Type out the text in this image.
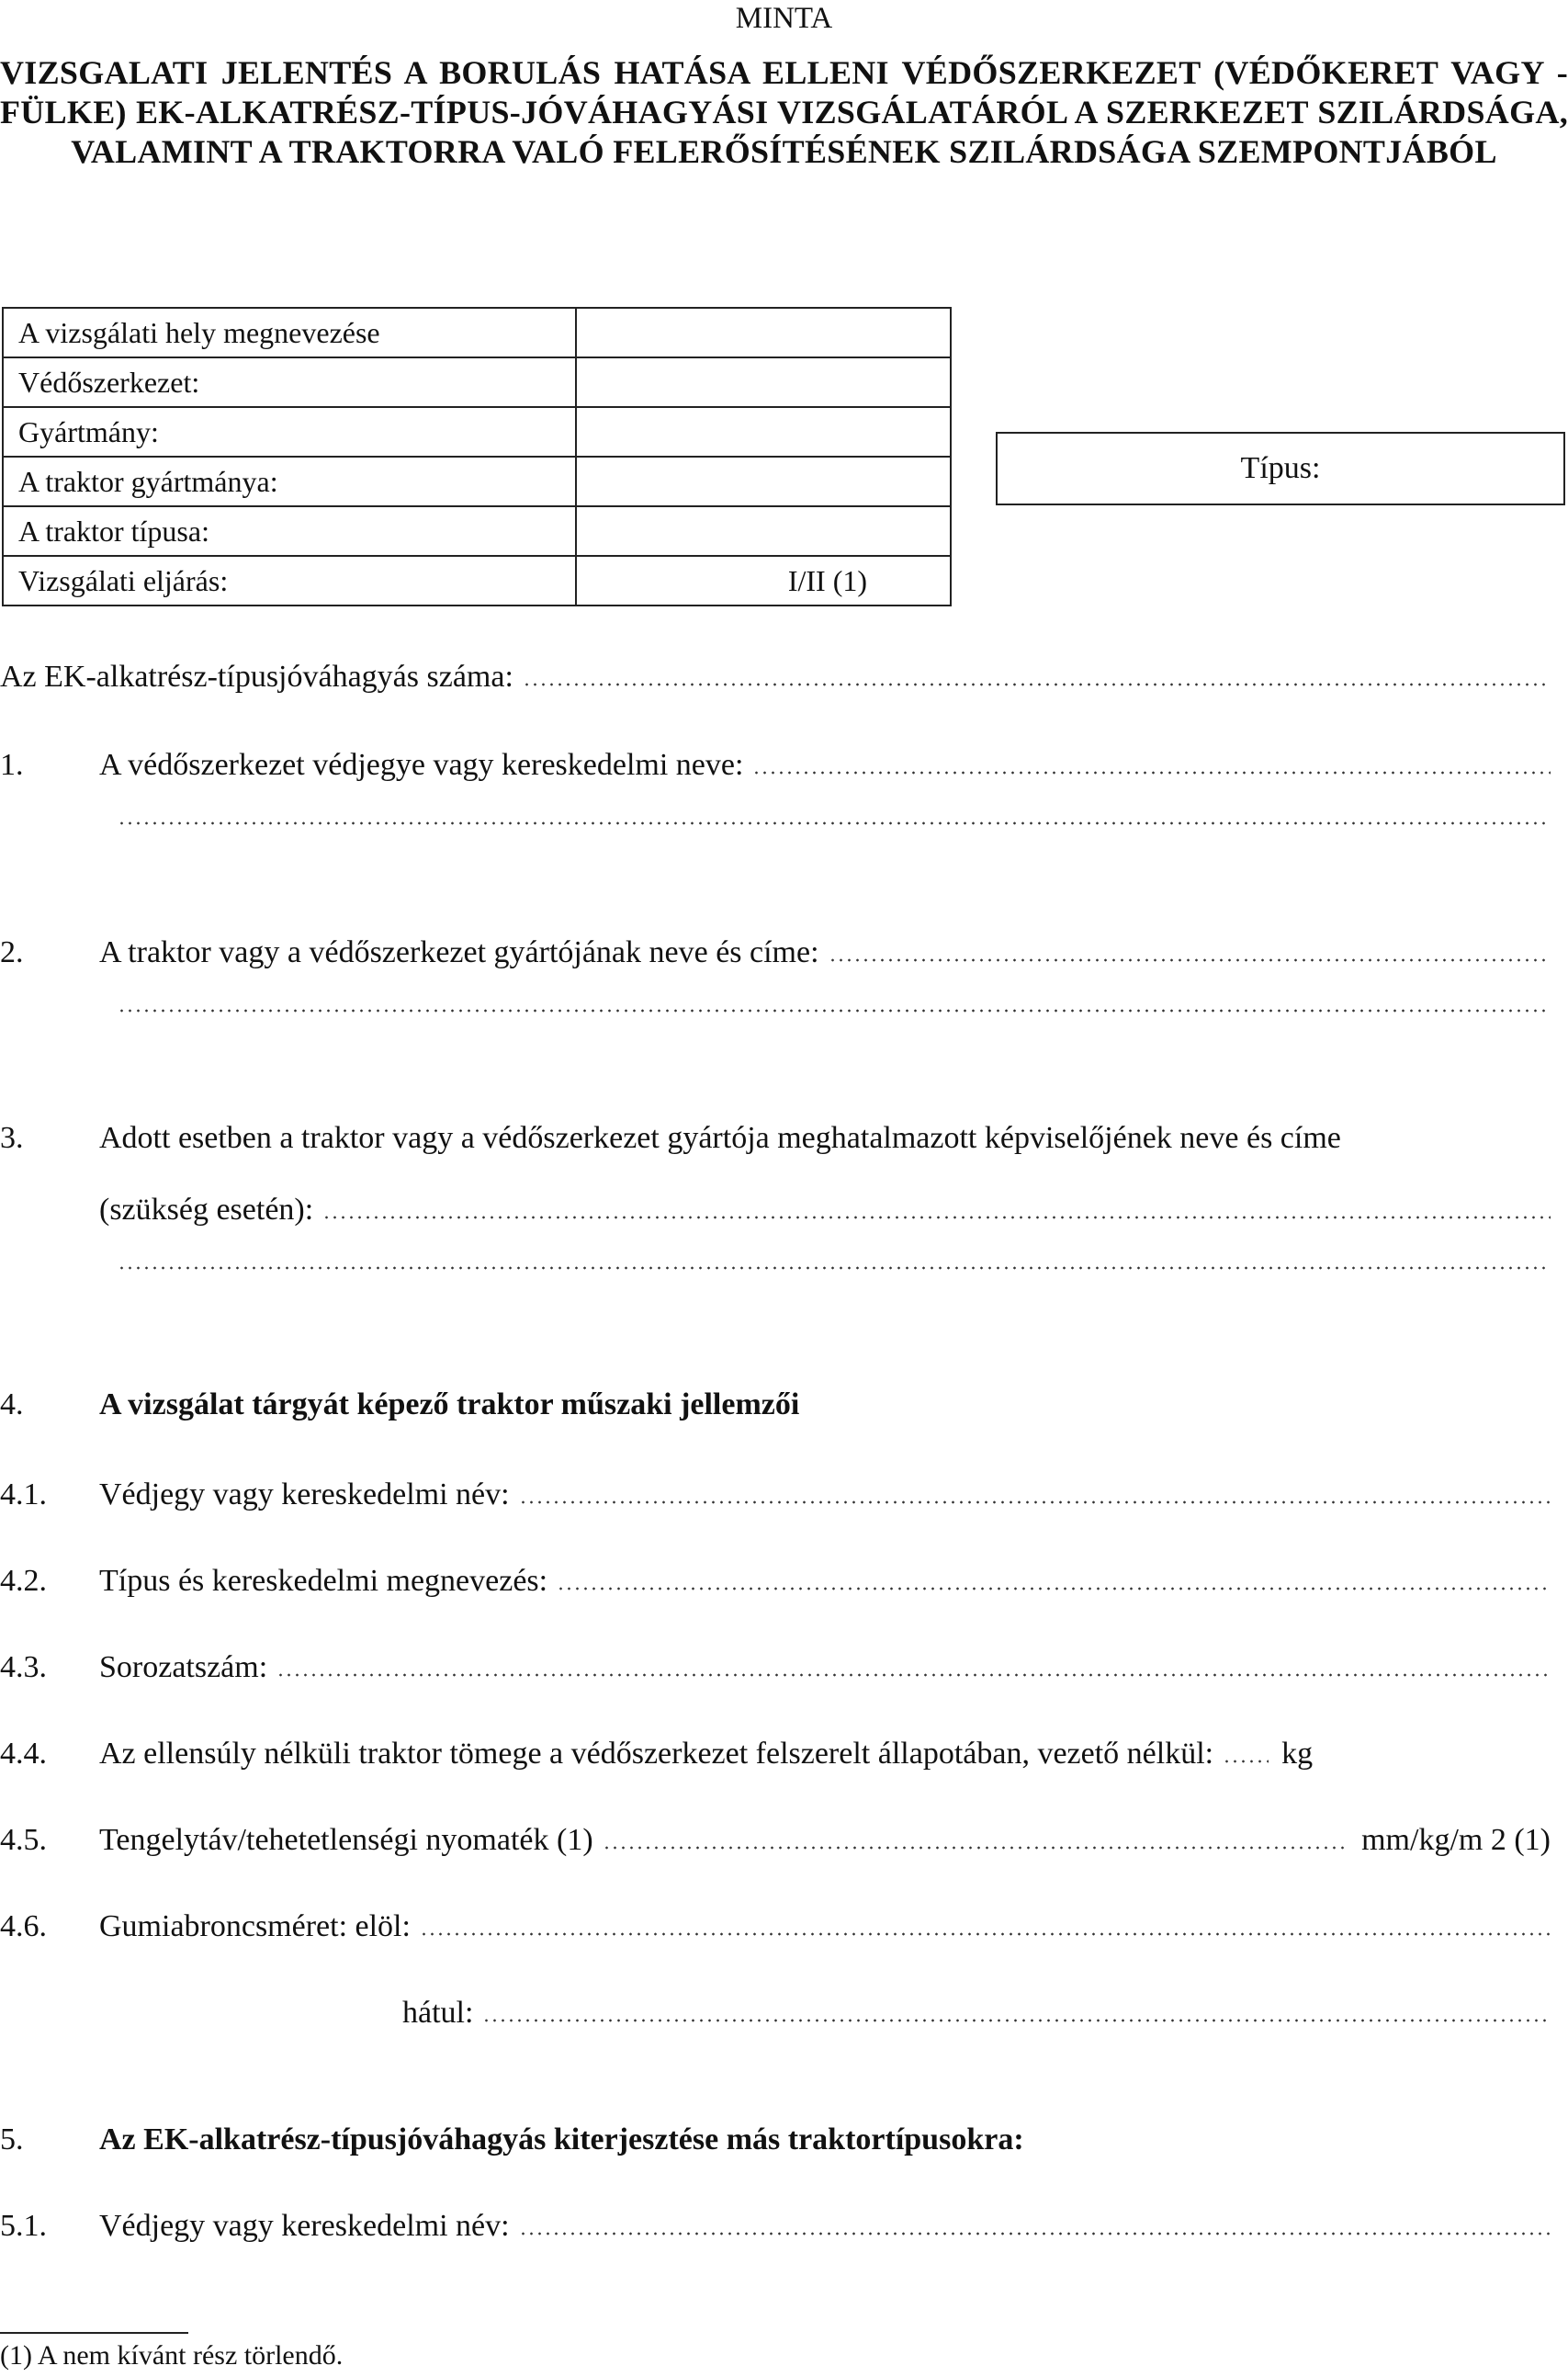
MINTA
VIZSGALATI JELENTÉS A BORULÁS HATÁSA ELLENI VÉDŐSZERKEZET (VÉDŐKERET VAGY -FÜLKE) EK-ALKATRÉSZ-TÍPUS-JÓVÁHAGYÁSI VIZSGÁLATÁRÓL A SZERKEZET SZILÁRDSÁGA, VALAMINT A TRAKTORRA VALÓ FELERŐSÍTÉSÉNEK SZILÁRDSÁGA SZEMPONTJÁBÓL
A vizsgálati hely megnevezése	
Védőszerkezet:	
Gyártmány:	
A traktor gyártmánya:	
A traktor típusa:	
Vizsgálati eljárás:	I/II (1)
Típus:
Az EK-alkatrész-típusjóváhagyás száma:
1.	A védőszerkezet védjegye vagy kereskedelmi neve:
2.	A traktor vagy a védőszerkezet gyártójának neve és címe:
3.	Adott esetben a traktor vagy a védőszerkezet gyártója meghatalmazott képviselőjének neve és címe
(szükség esetén):
4.	A vizsgálat tárgyát képező traktor műszaki jellemzői
4.1.	Védjegy vagy kereskedelmi név:
4.2.	Típus és kereskedelmi megnevezés:
4.3.	Sorozatszám:
4.4.	Az ellensúly nélküli traktor tömege a védőszerkezet felszerelt állapotában, vezető nélkül: kg
4.5.	Tengelytáv/tehetetlenségi nyomaték (1)	mm/kg/m 2 (1)
4.6.	Gumiabroncsméret: elöl:
hátul:
5.	Az EK-alkatrész-típusjóváhagyás kiterjesztése más traktortípusokra:
5.1.	Védjegy vagy kereskedelmi név:
(1) A nem kívánt rész törlendő.
